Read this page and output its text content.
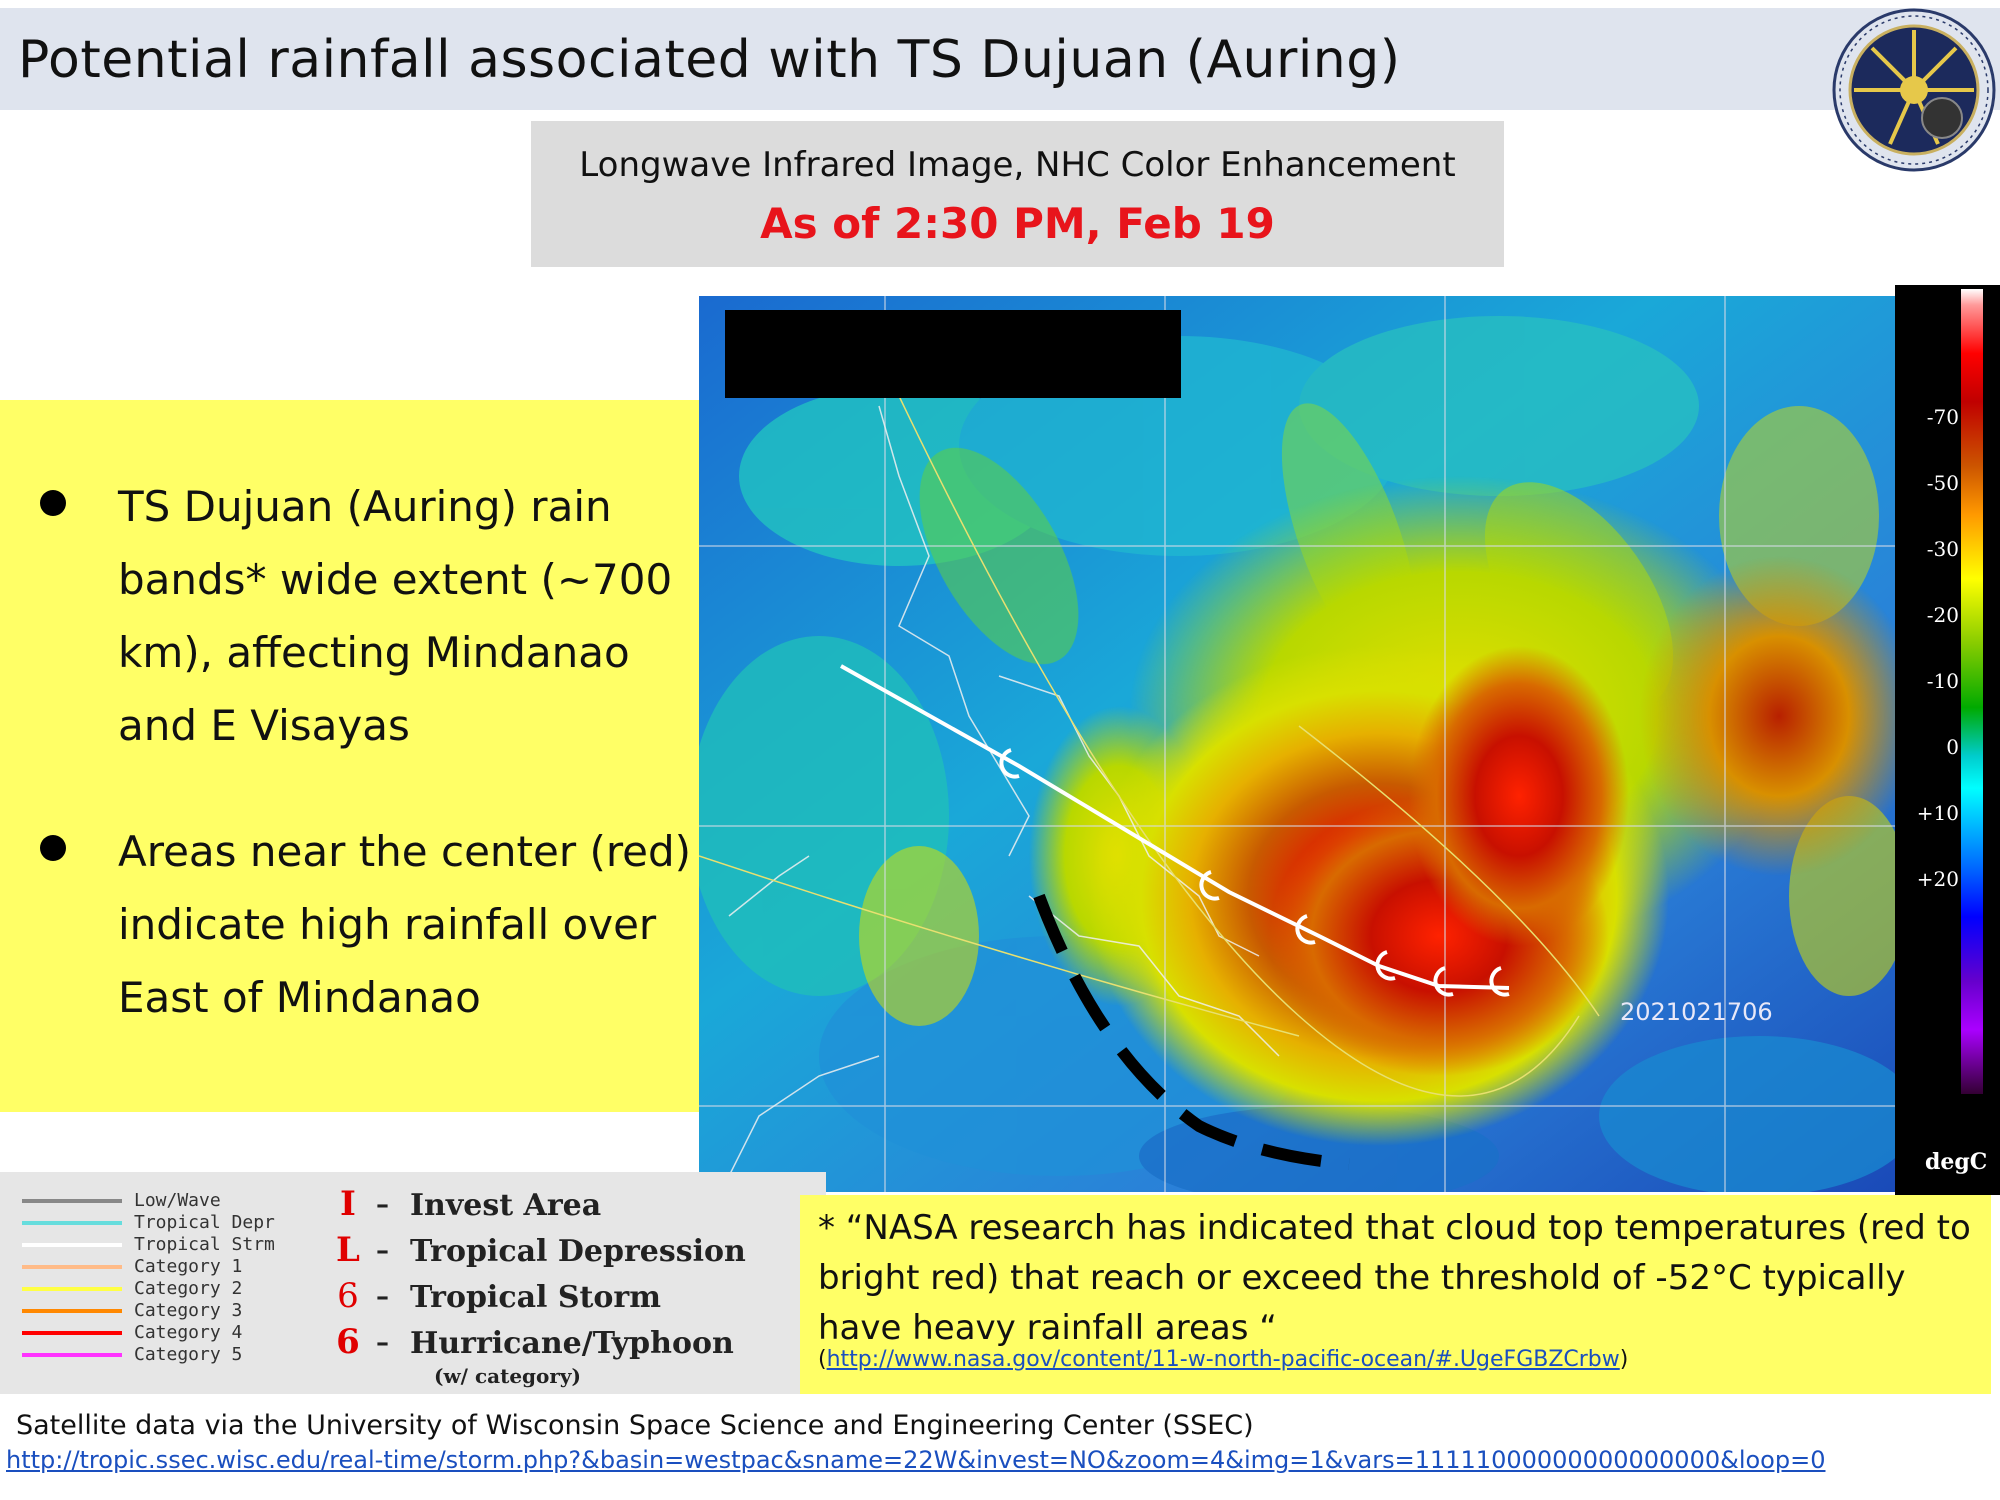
Potential rainfall associated with TS Dujuan (Auring)
Longwave Infrared Image, NHC Color Enhancement
As of 2:30 PM, Feb 19
TS Dujuan (Auring) rain bands* wide extent (~700 km), affecting Mindanao and E Visayas
Areas near the center (red) indicate high rainfall over East of Mindanao	2021021706
-70
-50
-30
-20
-10
0
+10
+20
degC
Low/Wave
Tropical Depr
Tropical Strm
Category 1
Category 2
Category 3
Category 4
Category 5
I – Invest Area
L – Tropical Depression
6 – Tropical Storm
6 – Hurricane/Typhoon
(w/ category)
* “NASA research has indicated that cloud top temperatures (red to bright red) that reach or exceed the threshold of -52°C typically have heavy rainfall areas “
(http://www.nasa.gov/content/11-w-north-pacific-ocean/#.UgeFGBZCrbw)
Satellite data via the University of Wisconsin Space Science and Engineering Center (SSEC)
http://tropic.ssec.wisc.edu/real-time/storm.php?&basin=westpac&sname=22W&invest=NO&zoom=4&img=1&vars=11111000000000000000&loop=0
